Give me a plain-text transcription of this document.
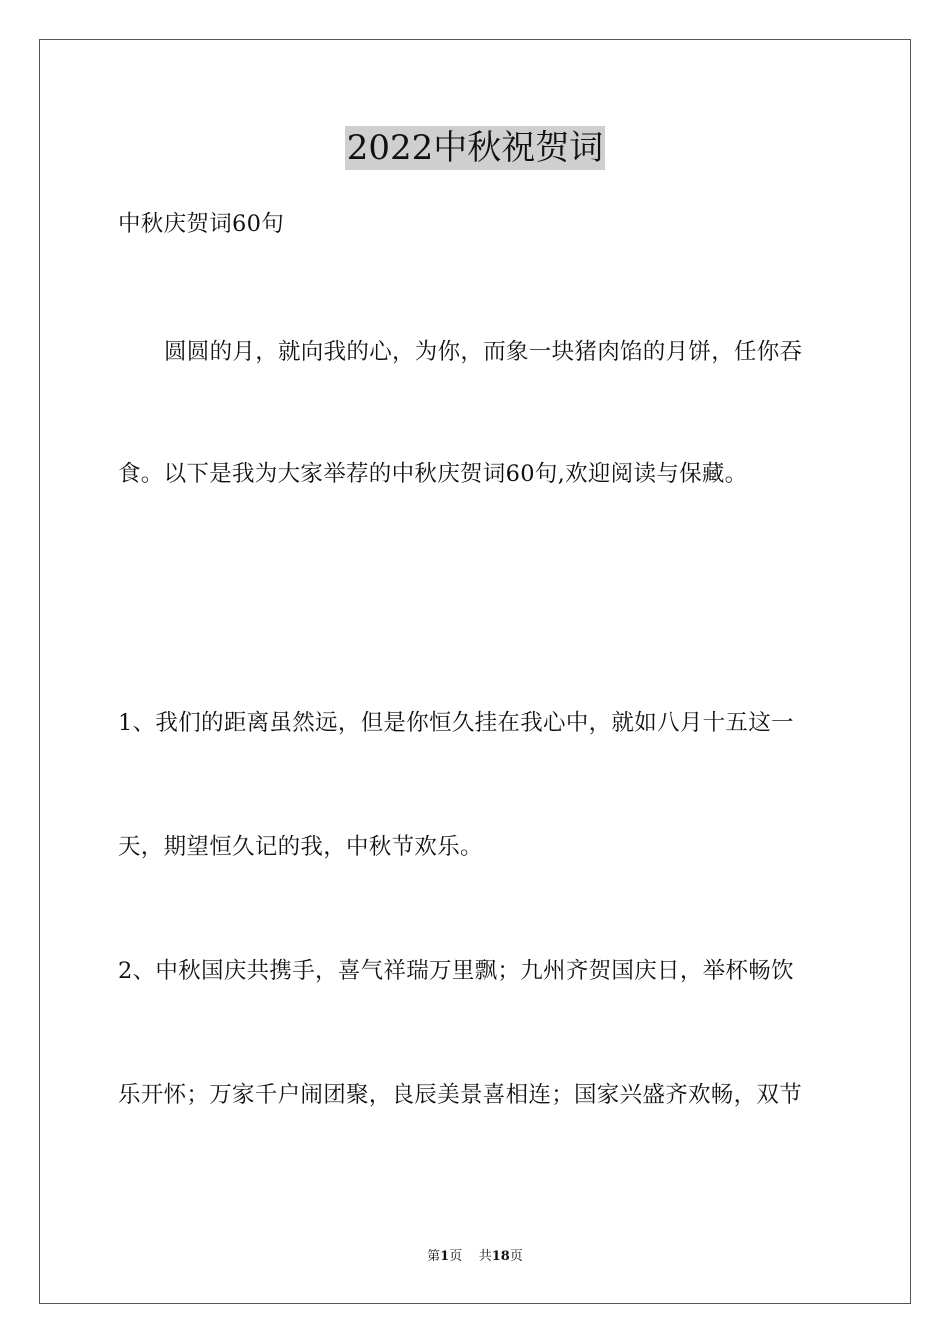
2022中秋祝贺词
中秋庆贺词60句
圆圆的月，就向我的心，为你，而象一块猪肉馅的月饼，任你吞
食。以下是我为大家举荐的中秋庆贺词60句,欢迎阅读与保藏。
1、我们的距离虽然远，但是你恒久挂在我心中，就如八月十五这一
天，期望恒久记的我，中秋节欢乐。
2、中秋国庆共携手，喜气祥瑞万里飘；九州齐贺国庆日，举杯畅饮
乐开怀；万家千户闹团聚，良辰美景喜相连；国家兴盛齐欢畅，双节
第1页 共18页
